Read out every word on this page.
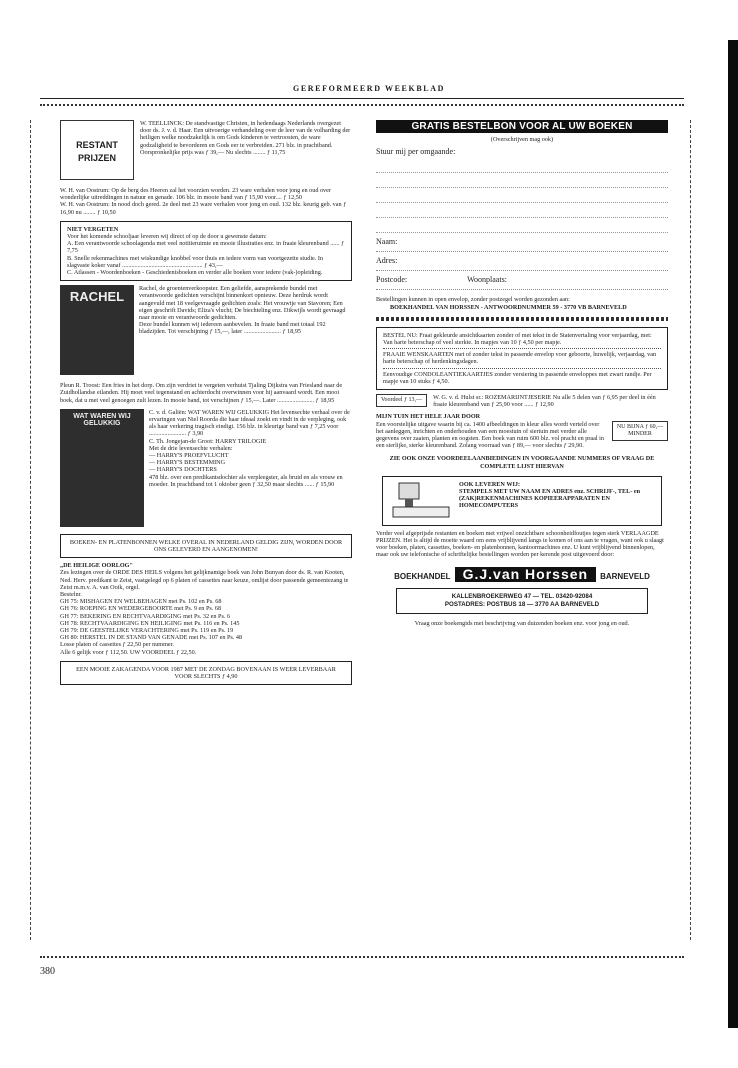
GEREFORMEERD WEEKBLAD
RESTANT
PRIJZEN

W. TEELLINCK: De standvastige Christen, in hedendaags Nederlands overgezet door ds. J. v. d. Haar. Een uitvoerige verhandeling over de leer van de volharding der heiligen welke noodzakelijk is om Gods kinderen te vertroosten, de ware godzaligheid te bevorderen en Gods eer te verbreiden. 271 blz. in prachtband. Oorspronkelijke prijs was ƒ 39,— Nu slechts ........ ƒ 11,75

W. H. van Oostrum: Op de berg des Heeren zal het voorzien worden. 23 ware verhalen voor jong en oud over wonderlijke uitreddingen in natuur en genade. 106 blz. in mooie band van ƒ 15,90 voor.... ƒ 12,50

W. H. van Oostrum: In nood doch gered. 2e deel met 23 ware verhalen voor jong en oud. 132 blz. keurig geb. van ƒ 16,90 nu ........ ƒ 10,50

NIET VERGETEN

Voor het komende schooljaar leveren wij direct of op de door u gewenste datum:

A. Een verantwoorde schoolagenda met veel notitieruimte en mooie illustraties enz. in fraaie kleurenband ...... ƒ 7,75
B. Snelle rekenmachines met wiskundige knobbel voor thuis en iedere vorm van voortgezette studie. In slagvaste koker vanaf .................................................... ƒ 43,—
C. Atlassen - Woordenboeken - Geschiedenisboeken en verder alle boeken voor iedere (vak-)opleiding.
RACHEL

Rachel, de groentenverkoopster. Een geliefde, aansprekende bundel met verantwoorde gedichten verschijnt binnenkort opnieuw. Deze herdruk wordt aangevuld met 18 veelgevraagde gedichten zoals: Het vrouwtje van Stavoren; Een eigen geschrift Davids; Eliza's vlucht; De biechteling enz. Dikwijls wordt gevraagd naar mooie en verantwoorde gedichten.

Deze bundel kunnen wij iedereen aanbevelen. In fraaie band met totaal 192 bladzijden. Tot verschijning ƒ 15,—, later ........................ ƒ 18,95

Pleun R. Troost: Een fries in het dorp. Om zijn verdriet te vergeten verhuist Tjaling Dijkstra van Friesland naar de Zuidhollandse eilanden. Hij moet veel tegenstand en achterdocht overwinnen voor hij aanvaard wordt. Een mooi boek, dat u met veel genoegen zult lezen. In mooie band, tot verschijnen ƒ 15,—. Later ........................ ƒ 18,95

WAT WAREN WIJ GELUKKIG

C. v. d. Galiën: WAT WAREN WIJ GELUKKIG Het levensechte verhaal over de ervaringen van Niel Roorda die haar ideaal zoekt en vindt in de verpleging, ook als haar verkering tragisch eindigt. 156 blz. in kleurige band van ƒ 7,25 voor ........................ ƒ 3,90

C. Th. Jongejan-de Groot: HARRY TRILOGIE

Met de drie levensechte verhalen:

— HARRY'S PROEFVLUCHT

— HARRY'S BESTEMMING

— HARRY'S DOCHTERS

478 blz. over een predikantsdochter als verpleegster, als bruid en als vrouw en moeder. In prachtband tot 1 oktober geen ƒ 32,50 maar slechts ...... ƒ 15,90

BOEKEN- EN PLATENBONNEN WELKE OVERAL IN NEDERLAND GELDIG ZIJN, WORDEN DOOR ONS GELEVERD EN AANGENOMEN!

„DE HEILIGE OORLOG"

Zes lezingen over de ORDE DES HEILS volgens het gelijknamige boek van John Bunyan door ds. R. van Kooten, Ned. Herv. predikant te Zeist, vastgelegd op 6 platen of cassettes naar keuze, omlijst door passende gemeentezang te Zeist m.m.v. A. van Ooik, orgel.

Bestelnr.

GH 75: MISHAGEN EN WELBEHAGEN met Ps. 102 en Ps. 68

GH 76: ROEPING EN WEDERGEBOORTE met Ps. 9 en Ps. 68

GH 77: BEKERING EN RECHTVAARDIGING met Ps. 32 en Ps. 6

GH 78: RECHTVAARDIGING EN HEILIGING met Ps. 116 en Ps. 145

GH 79: DE GEESTELIJKE VERACHTERING met Ps. 119 en Ps. 19

GH 80: HERSTEL IN DE STAND VAN GENADE met Ps. 107 en Ps. 48

Losse platen of cassettes ƒ 22,50 per nummer.

Alle 6 gelijk voor ƒ 112,50. UW VOORDEEL ƒ 22,50.

EEN MOOIE ZAKAGENDA VOOR 1987 MET DE ZONDAG BOVENAAN IS WEER LEVERBAAR VOOR SLECHTS ƒ 4,90
GRATIS BESTELBON VOOR AL UW BOEKEN

(Overschrijven mag ook)

Stuur mij per omgaande:

Naam:
Adres:
Postcode:	Woonplaats:

Bestellingen kunnen in open envelop, zonder postzegel worden gezonden aan:

BOEKHANDEL VAN HORSSEN - ANTWOORDNUMMER 59 - 3770 VB BARNEVELD

BESTEL NU: Fraai gekleurde ansichtkaarten zonder of met tekst in de Statenvertaling voor verjaardag, met: Van harte beterschap of veel sterkte. In mapjes van 10 ƒ 4,50 per mapje.

FRAAIE WENSKAARTEN met of zonder tekst in passende envelop voor geboorte, huwelijk, verjaardag, van harte beterschap of herdenkingsdagen.

Eenvoudige CONDOLEANTIEKAARTJES zonder versiering in passende enveloppes met zwart randje. Per mapje van 10 stuks ƒ 4,50.

Voordeel ƒ 13,—	W. G. v. d. Hulst sr.: ROZEMARIJNTJESERIE Nu alle 5 delen van ƒ 6,95 per deel in één fraaie kleurenband van ƒ 25,90 voor ...... ƒ 12,90

MIJN TUIN HET HELE JAAR DOOR

NU BIJNA ƒ 60,— MINDER

Een voorstelijke uitgave waarin bij ca. 1400 afbeeldingen in kleur alles wordt verteld over het aanleggen, inrichten en onderhouden van een moestuin of siertuin met verder alle gegevens over zaaien, planten en oogsten. Een boek van ruim 600 blz. vol pracht en praal in een sierlijke, sterke kleurenband. Zolang voorraad van ƒ 89,— voor slechts ƒ 29,90.

ZIE OOK ONZE VOORDEELAANBIEDINGEN IN VOORGAANDE NUMMERS OF VRAAG DE COMPLETE LIJST HIERVAN

OOK LEVEREN WIJ:

STEMPELS MET UW NAAM EN ADRES enz. SCHRIJF-, TEL- en (ZAK)REKENMACHINES KOPIEERAPPARATEN EN HOMECOMPUTERS

Verder veel afgeprijsde restanten en boeken met vrijwel onzichtbare schoonheidfoutjes tegen sterk VERLAAGDE PRIJZEN. Het is altijd de moeite waard om eens vrijblijvend langs te komen of ons aan te vragen, want ook u slaagt voor boeken, platen, cassettes, boeken- en platenbonnen, kantoormachines enz. U kunt vrijblijvend binnenlopen, maar ook uw telefonische of schriftelijke bestellingen worden per kerende post uitgevoerd door:

BOEKHANDEL G.J.van Horssen BARNEVELD
KALLENBROEKERWEG 47 — TEL. 03420-92084
POSTADRES: POSTBUS 18 — 3770 AA BARNEVELD

Vraag onze boekengids met beschrijving van duizenden boeken enz. voor jong en oud.

380
